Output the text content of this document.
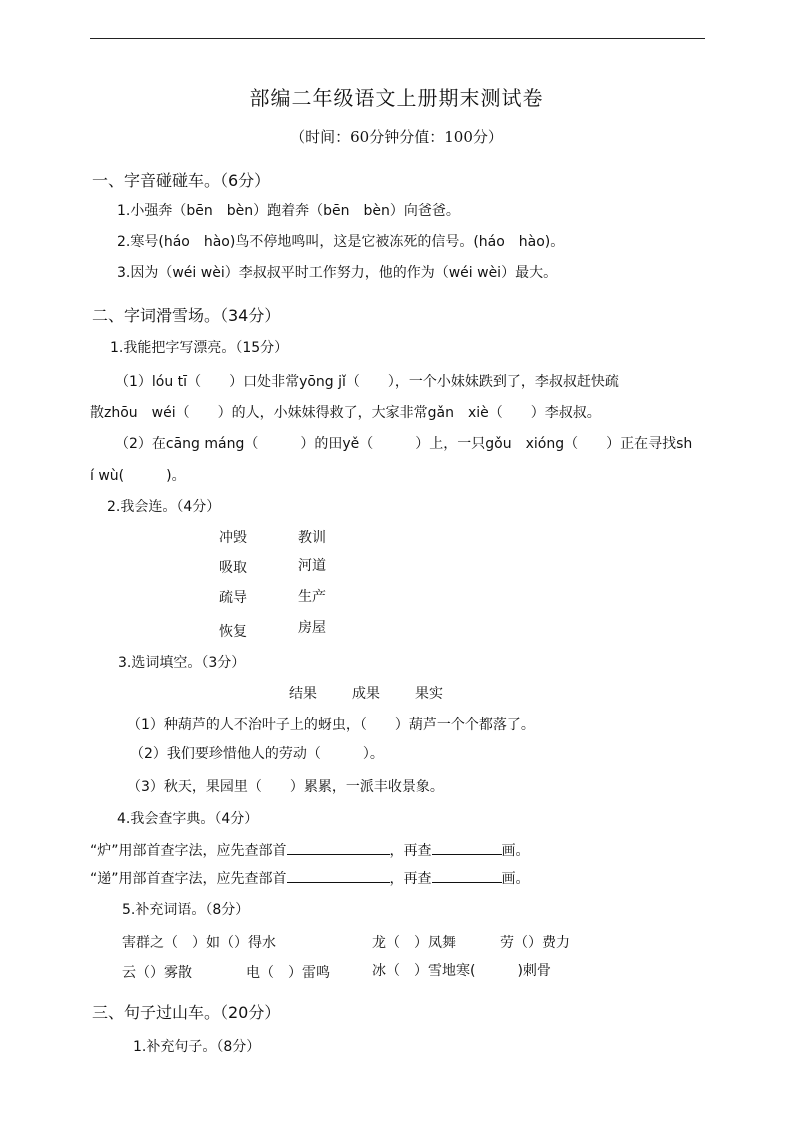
部编二年级语文上册期末测试卷
（时间：60分钟分值：100分）
一、字音碰碰车。（6分）
1.小强奔（bēn　bèn）跑着奔（bēn　bèn）向爸爸。
2.寒号(háo　hào)鸟不停地鸣叫，这是它被冻死的信号。(háo　hào)。
3.因为（wéi wèi）李叔叔平时工作努力，他的作为（wéi wèi）最大。
二、字词滑雪场。（34分）
1.我能把字写漂亮。（15分）
（1）lóu tī（　　）口处非常yōng jǐ（　　），一个小妹妹跌到了，李叔叔赶快疏
散zhōu　wéi（　　）的人，小妹妹得救了，大家非常gǎn　xiè（　　）李叔叔。
（2）在cāng máng（　　　）的田yě（　　　）上，一只gǒu　xióng（　　）正在寻找sh
í wù(　　　)。
2.我会连。（4分）
冲毁
吸取
疏导
恢复
教训
河道
生产
房屋
3.选词填空。（3分）
结果	成果	果实
（1）种葫芦的人不治叶子上的蚜虫，（　　）葫芦一个个都落了。
（2）我们要珍惜他人的劳动（　　　）。
（3）秋天，果园里（　　）累累，一派丰收景象。
4.我会查字典。（4分）
“炉”用部首查字法，应先查部首	，再查	画。
“递”用部首查字法，应先查部首	，再查	画。
5.补充词语。（8分）
害群之（　）如（）得水	龙（　）凤舞	劳（）费力
云（）雾散	电（　）雷鸣	冰（　）雪地寒(　　　)刺骨
三、句子过山车。（20分）
1.补充句子。（8分）
